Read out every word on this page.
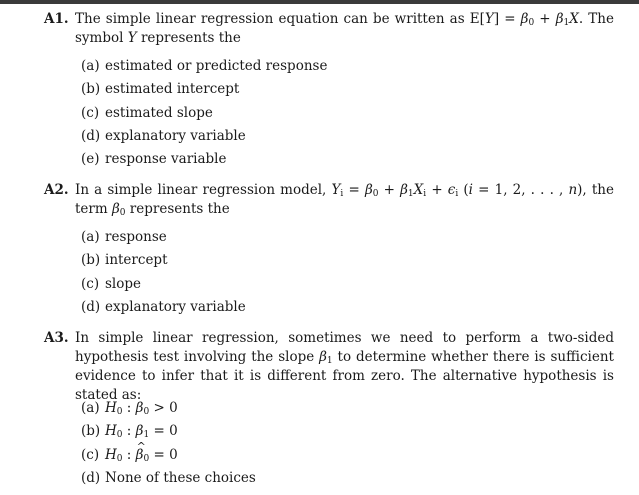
A1. The simple linear regression equation can be written as $E[Y] = \beta_0 + \beta_1X$. The symbol Y represents the
(a) estimated or predicted response
(b) estimated intercept
(c) estimated slope
(d) explanatory variable
(e) response variable
A2. In a simple linear regression model, $Y_i = \beta_0 + \beta_1X_i + \epsilon_i$ (i = 1, 2, . . . , n), the term $\beta_0$ represents the
(a) response
(b) intercept
(c) slope
(d) explanatory variable
A3. In simple linear regression, sometimes we need to perform a two-sided hypothesis test involving the slope $\beta_1$ to determine whether there is sufficient evidence to infer that it is different from zero. The alternative hypothesis is stated as:
(a) $H_0$ : $\beta_0 > 0$
(b) $H_0$ : $\beta_1 = 0$
(c) $H_0$ : ^ $\beta_0 = 0$
(d) None of these choices
